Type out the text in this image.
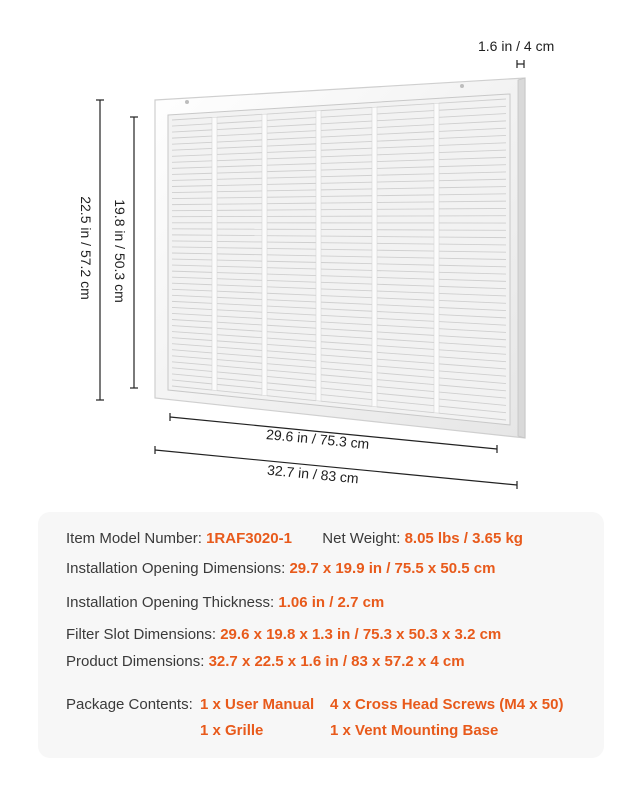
1.6 in / 4 cm
22.5 in / 57.2 cm 19.8 in / 50.3 cm
29.6 in / 75.3 cm
32.7 in / 83 cm
Item Model Number: 1RAF3020-1 Net Weight: 8.05 lbs / 3.65 kg
Installation Opening Dimensions: 29.7 x 19.9 in / 75.5 x 50.5 cm
Installation Opening Thickness: 1.06 in / 2.7 cm
Filter Slot Dimensions: 29.6 x 19.8 x 1.3 in / 75.3 x 50.3 x 3.2 cm
Product Dimensions: 32.7 x 22.5 x 1.6 in / 83 x 57.2 x 4 cm
Package Contents: 1 x User Manual 4 x Cross Head Screws (M4 x 50)
1 x Grille	1 x Vent Mounting Base
